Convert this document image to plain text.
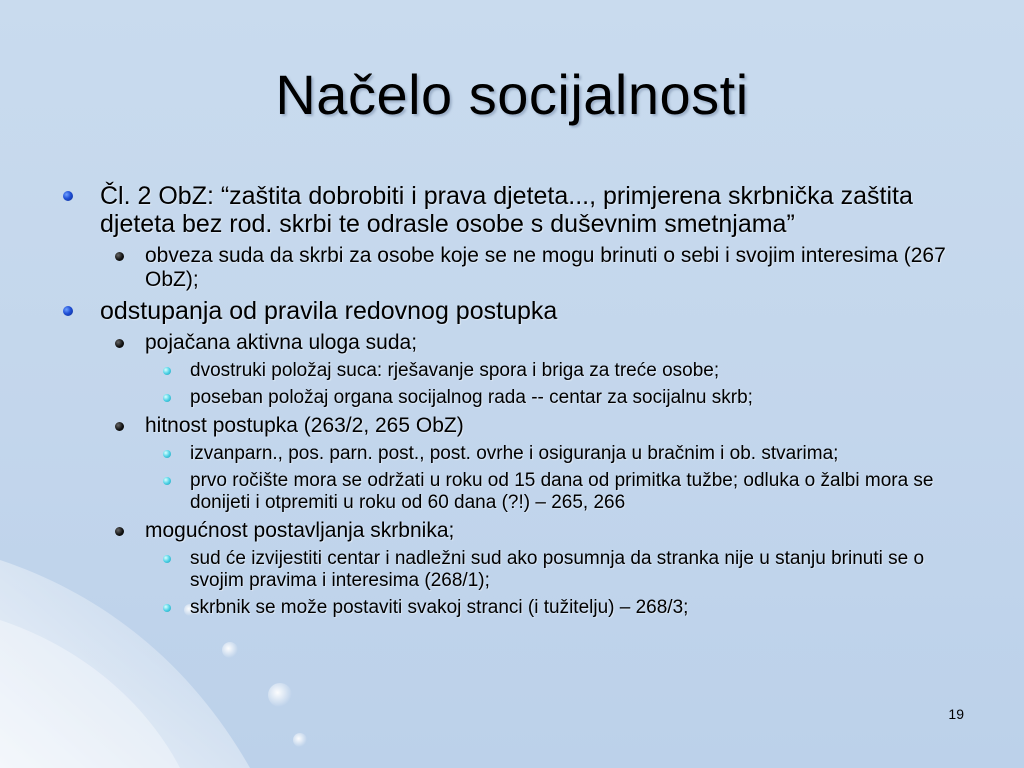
Načelo socijalnosti
Čl. 2 ObZ: “zaštita dobrobiti i prava djeteta..., primjerena skrbnička zaštita djeteta bez rod. skrbi te odrasle osobe s duševnim smetnjama”
obveza suda da skrbi za osobe koje se ne mogu brinuti o sebi i svojim interesima (267 ObZ);
odstupanja od pravila redovnog postupka
pojačana aktivna uloga suda;
dvostruki položaj suca: rješavanje spora i briga za treće osobe;
poseban položaj organa socijalnog rada -- centar za socijalnu skrb;
hitnost postupka (263/2, 265 ObZ)
izvanparn., pos. parn. post., post. ovrhe i osiguranja u bračnim i ob. stvarima;
prvo ročište mora se održati u roku od 15 dana od primitka tužbe; odluka o žalbi mora se donijeti i otpremiti u roku od 60 dana (?!) – 265, 266
mogućnost postavljanja skrbnika;
sud će izvijestiti centar i nadležni sud ako posumnja da stranka nije u stanju brinuti se o svojim pravima i interesima (268/1);
skrbnik se može postaviti svakoj stranci (i tužitelju) – 268/3;
19
